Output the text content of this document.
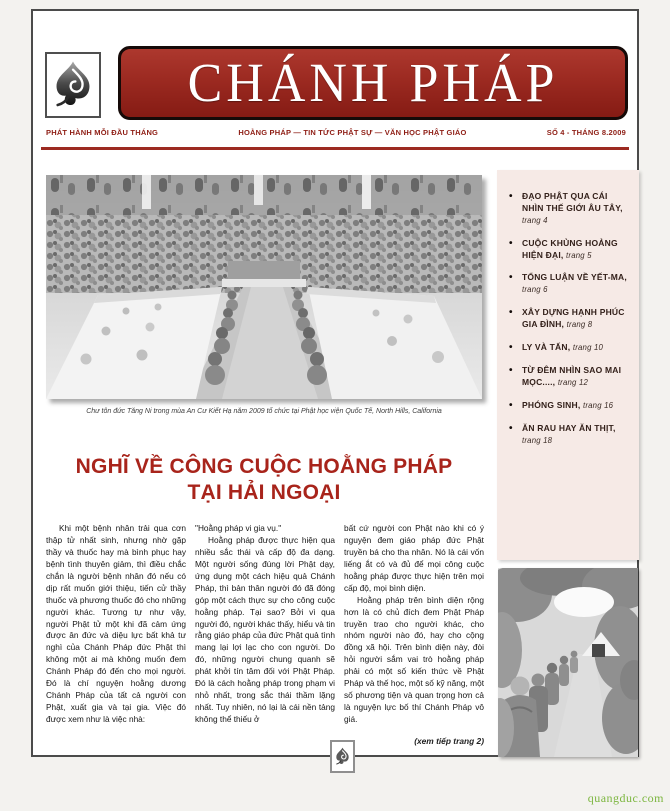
CHÁNH PHÁP
PHÁT HÀNH MỖI ĐẦU THÁNG	HOẰNG PHÁP — TIN TỨC PHẬT SỰ — VĂN HỌC PHẬT GIÁO	SỐ 4 - THÁNG 8.2009
Chư tôn đức Tăng Ni trong mùa An Cư Kiết Hạ năm 2009 tổ chức tại Phật học viện Quốc Tế, North Hills, California
• ĐẠO PHẬT QUA CÁI NHÌN THẾ GIỚI ÂU TÂY, trang 4
• CUỘC KHỦNG HOẢNG HIỆN ĐẠI, trang 5
• TỔNG LUẬN VỀ YẾT-MA, trang 6
• XÂY DỰNG HẠNH PHÚC GIA ĐÌNH, trang 8
• LY VÀ TẤN, trang 10
• TỪ ĐÊM NHÌN SAO MAI MỌC...., trang 12
• PHÓNG SINH, trang 16
• ĂN RAU HAY ĂN THỊT, trang 18
NGHĨ VỀ CÔNG CUỘC HOẰNG PHÁP
TẠI HẢI NGOẠI

Khi một bệnh nhân trải qua cơn thập tử nhất sinh, nhưng nhờ gặp thầy và thuốc hay mà bình phục hay bệnh tình thuyên giảm, thì điều chắc chắn là người bệnh nhân đó nếu có dịp rất muốn giới thiệu, tiến cử thầy thuốc và phương thuốc đó cho những người khác. Tương tự như vậy, người Phật tử một khi đã cảm ứng được ân đức và diệu lực bất khả tư nghì của Chánh Pháp đức Phật thì không một ai mà không muốn đem Chánh Pháp đó đến cho mọi người. Đó là chí nguyện hoằng dương Chánh Pháp của tất cả người con Phật, xuất gia và tại gia. Việc đó được xem như là việc nhà:

"Hoằng pháp vi gia vụ."

Hoằng pháp được thực hiện qua nhiều sắc thái và cấp độ đa dạng. Một người sống đúng lời Phật dạy, ứng dụng một cách hiệu quả Chánh Pháp, thì bản thân người đó đã đóng góp một cách thực sự cho công cuộc hoằng pháp. Tại sao? Bởi vì qua người đó, người khác thấy, hiểu và tin rằng giáo pháp của đức Phật quả tình mang lại lợi lạc cho con người. Do đó, những người chung quanh sẽ phát khởi tín tâm đối với Phật Pháp. Đó là cách hoằng pháp trong phạm vi nhỏ nhất, trong sắc thái thầm lặng nhất. Tuy nhiên, nó lại là cái nền tảng không thể thiếu ở

bất cứ người con Phật nào khi có ý nguyện đem giáo pháp đức Phật truyền bá cho tha nhân. Nó là cái vốn liếng ắt có và đủ để mọi công cuộc hoằng pháp được thực hiện trên mọi cấp độ, mọi bình diện.

Hoằng pháp trên bình diện rộng hơn là có chủ đích đem Phật Pháp truyền trao cho người khác, cho nhóm người nào đó, hay cho cộng đồng xã hội. Trên bình diện này, đòi hỏi người sắm vai trò hoằng pháp phải có một số kiến thức về Phật Pháp và thế học, một số kỹ năng, một số phương tiện và quan trọng hơn cả là nguyện lực bố thí Chánh Pháp vô giá.

(xem tiếp trang 2)

quangduc.com
